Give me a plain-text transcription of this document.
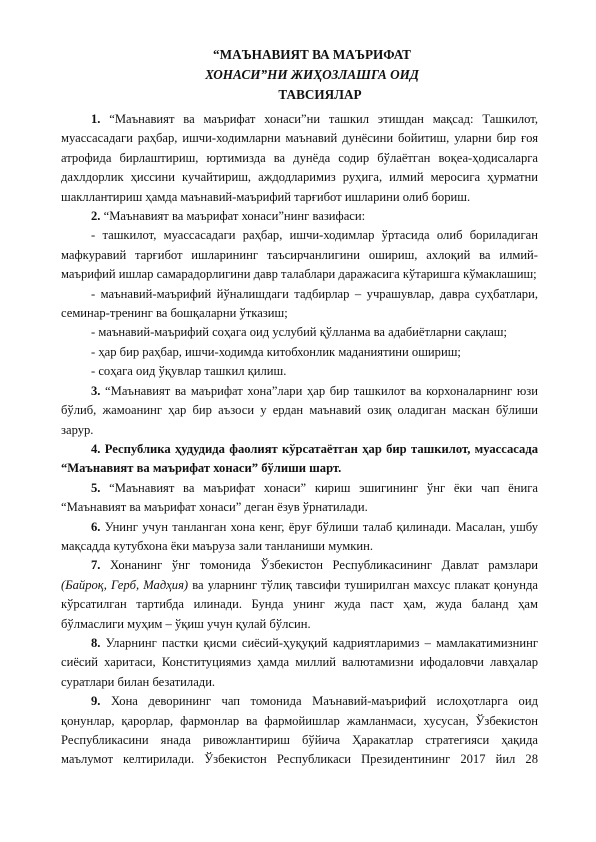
“МАЪНАВИЯТ ВА МАЪРИФАТ
ХОНАСИ”НИ ЖИҲОЗЛАШГА ОИД
ТАВСИЯЛАР

1. “Маънавият ва маърифат хонаси”ни ташкил этишдан мақсад: Ташкилот, муассасадаги раҳбар, ишчи-ходимларни маънавий дунёсини бойитиш, уларни бир ғоя атрофида бирлаштириш, юртимизда ва дунёда содир бўлаётган воқеа-ҳодисаларга дахлдорлик ҳиссини кучайтириш, аждодларимиз руҳига, илмий меросига ҳурматни шакллантириш ҳамда маънавий-маърифий тарғибот ишларини олиб бориш.

2. “Маънавият ва маърифат хонаси”нинг вазифаси:

- ташкилот, муассасадаги раҳбар, ишчи-ходимлар ўртасида олиб бориладиган мафкуравий тарғибот ишларининг таъсирчанлигини ошириш, ахлоқий ва илмий-маърифий ишлар самарадорлигини давр талаблари даражасига кўтаришга кўмаклашиш;

- маънавий-маърифий йўналишдаги тадбирлар – учрашувлар, давра суҳбатлари, семинар-тренинг ва бошқаларни ўтказиш;

- маънавий-маърифий соҳага оид услубий қўлланма ва адабиётларни сақлаш;

- ҳар бир раҳбар, ишчи-ходимда китобхонлик маданиятини ошириш;

- соҳага оид ўқувлар ташкил қилиш.

3. “Маънавият ва маърифат хона”лари ҳар бир ташкилот ва корхоналарнинг юзи бўлиб, жамоанинг ҳар бир аъзоси у ердан маънавий озиқ оладиган маскан бўлиши зарур.

4. Республика ҳудудида фаолият кўрсатаётган ҳар бир ташкилот, муассасада “Маънавият ва маърифат хонаси” бўлиши шарт.

5. “Маънавият ва маърифат хонаси” кириш эшигининг ўнг ёки чап ёнига “Маънавият ва маърифат хонаси” деган ёзув ўрнатилади.

6. Унинг учун танланган хона кенг, ёруғ бўлиши талаб қилинади. Масалан, ушбу мақсадда кутубхона ёки маъруза зали танланиши мумкин.

7. Хонанинг ўнг томонида Ўзбекистон Республикасининг Давлат рамзлари (Байроқ, Герб, Мадҳия) ва уларнинг тўлиқ тавсифи туширилган махсус плакат қонунда кўрсатилган тартибда илинади. Бунда унинг жуда паст ҳам, жуда баланд ҳам бўлмаслиги муҳим – ўқиш учун қулай бўлсин.

8. Уларнинг пастки қисми сиёсий-ҳуқуқий кадриятларимиз – мамлакатимизнинг сиёсий харитаси, Конституциямиз ҳамда миллий валютамизни ифодаловчи лавҳалар суратлари билан безатилади.

9. Хона деворининг чап томонида Маънавий-маърифий ислоҳотларга оид қонунлар, қарорлар, фармонлар ва фармойишлар жамланмаси, хусусан, Ўзбекистон Республикасини янада ривожлантириш бўйича Ҳаракатлар стратегияси ҳақида маълумот келтирилади. Ўзбекистон Республикаси Президентининг 2017 йил 28
